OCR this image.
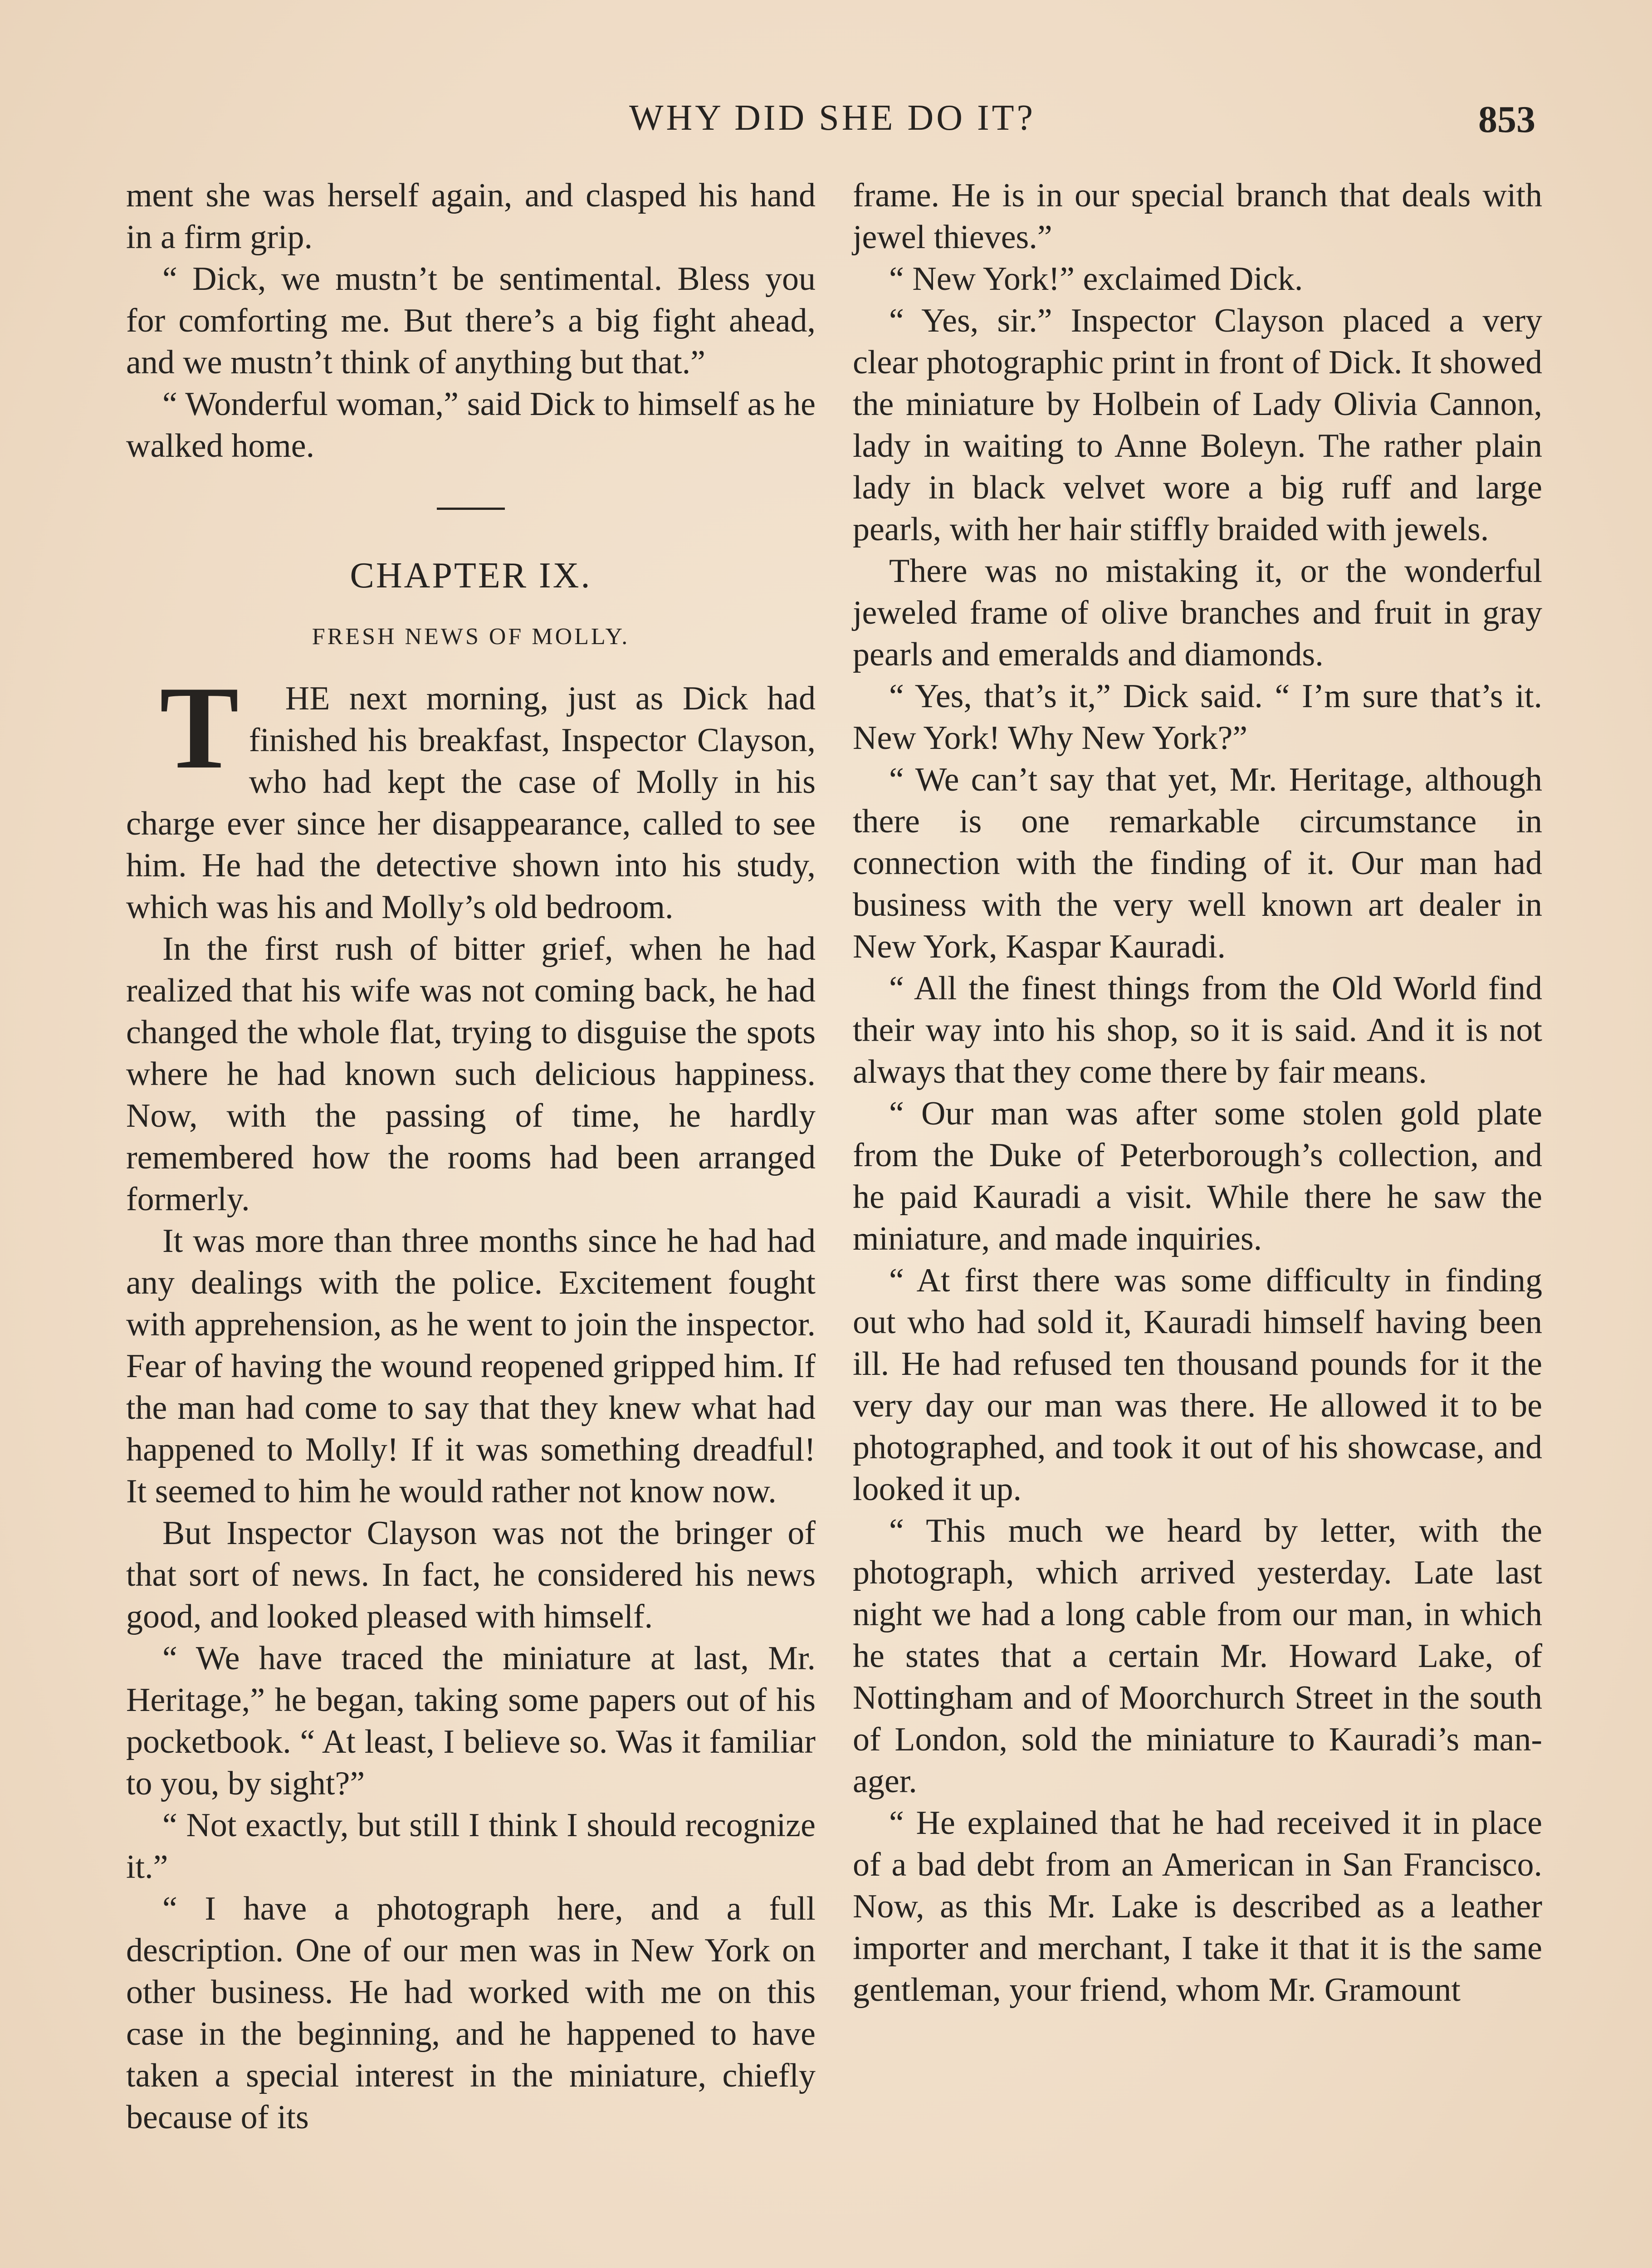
WHY DID SHE DO IT?	853

ment she was herself again, and clasped his hand in a firm grip.

“ Dick, we mustn’t be sentimental. Bless you for comforting me. But there’s a big fight ahead, and we mustn’t think of anything but that.”

“ Wonderful woman,” said Dick to himself as he walked home.

CHAPTER IX.
FRESH NEWS OF MOLLY.

T HE next morning, just as Dick had finished his breakfast, Inspector Clayson, who had kept the case of Molly in his charge ever since her disappearance, called to see him. He had the detective shown into his study, which was his and Molly’s old bedroom.

In the first rush of bitter grief, when he had realized that his wife was not coming back, he had changed the whole flat, trying to disguise the spots where he had known such delicious happiness. Now, with the passing of time, he hardly remembered how the rooms had been arranged formerly.

It was more than three months since he had had any dealings with the police. Excitement fought with apprehension, as he went to join the inspector. Fear of having the wound reopened gripped him. If the man had come to say that they knew what had happened to Molly! If it was something dreadful! It seemed to him he would rather not know now.

But Inspector Clayson was not the bringer of that sort of news. In fact, he considered his news good, and looked pleased with himself.

“ We have traced the miniature at last, Mr. Heritage,” he began, taking some papers out of his pocketbook. “ At least, I believe so. Was it familiar to you, by sight?”

“ Not exactly, but still I think I should recognize it.”

“ I have a photograph here, and a full description. One of our men was in New York on other business. He had worked with me on this case in the beginning, and he happened to have taken a special interest in the miniature, chiefly because of its

frame. He is in our special branch that deals with jewel thieves.”

“ New York!” exclaimed Dick.

“ Yes, sir.” Inspector Clayson placed a very clear photographic print in front of Dick. It showed the miniature by Holbein of Lady Olivia Cannon, lady in waiting to Anne Boleyn. The rather plain lady in black velvet wore a big ruff and large pearls, with her hair stiffly braided with jewels.

There was no mistaking it, or the wonderful jeweled frame of olive branches and fruit in gray pearls and emeralds and diamonds.

“ Yes, that’s it,” Dick said. “ I’m sure that’s it. New York! Why New York?”

“ We can’t say that yet, Mr. Heritage, although there is one remarkable circumstance in connection with the finding of it. Our man had business with the very well known art dealer in New York, Kaspar Kauradi.

“ All the finest things from the Old World find their way into his shop, so it is said. And it is not always that they come there by fair means.

“ Our man was after some stolen gold plate from the Duke of Peterborough’s collection, and he paid Kauradi a visit. While there he saw the miniature, and made inquiries.

“ At first there was some difficulty in finding out who had sold it, Kauradi himself having been ill. He had refused ten thousand pounds for it the very day our man was there. He allowed it to be photographed, and took it out of his showcase, and looked it up.

“ This much we heard by letter, with the photograph, which arrived yesterday. Late last night we had a long cable from our man, in which he states that a certain Mr. Howard Lake, of Nottingham and of Moorchurch Street in the south of London, sold the miniature to Kauradi’s manager.

“ He explained that he had received it in place of a bad debt from an American in San Francisco. Now, as this Mr. Lake is described as a leather importer and merchant, I take it that it is the same gentleman, your friend, whom Mr. Gramount
